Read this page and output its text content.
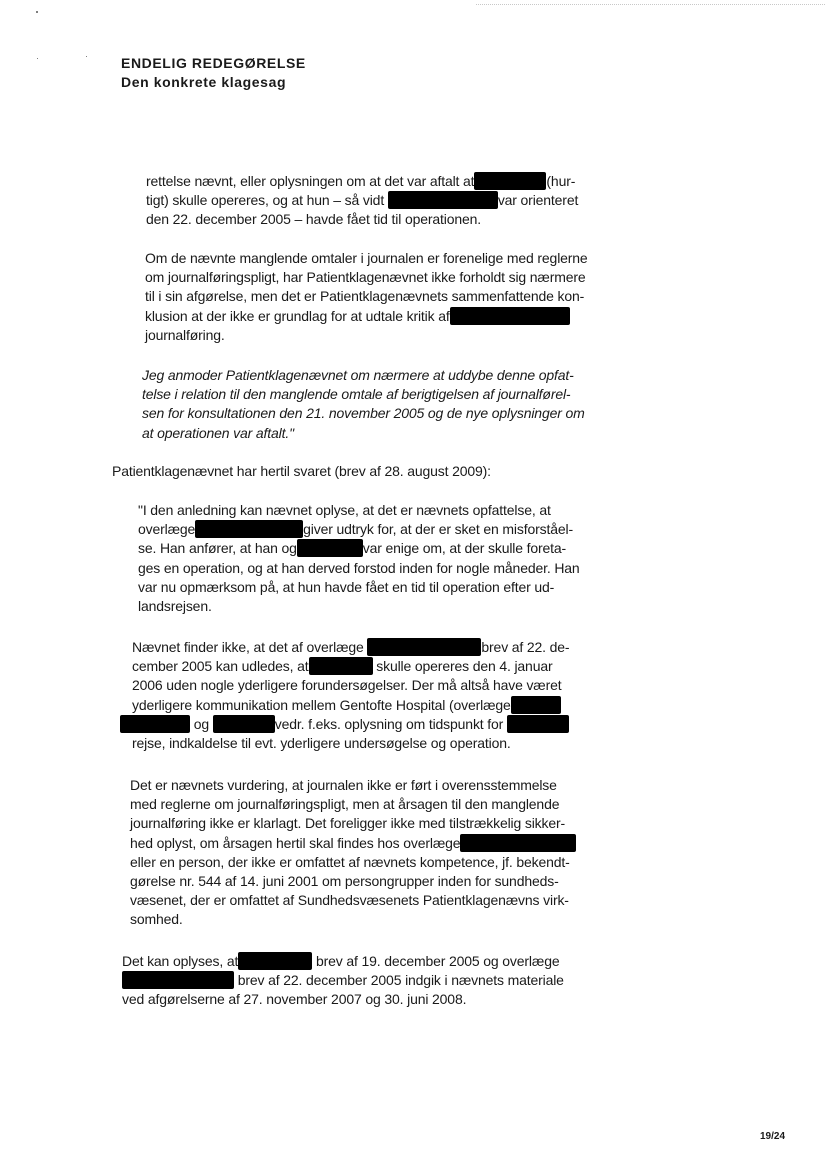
ENDELIG REDEGØRELSE
Den konkrete klagesag
rettelse nævnt, eller oplysningen om at det var aftalt at	(hur-
tigt) skulle opereres, og at hun – så vidt	var orienteret
den 22. december 2005 – havde fået tid til operationen.
Om de nævnte manglende omtaler i journalen er forenelige med reglerne
om journalføringspligt, har Patientklagenævnet ikke forholdt sig nærmere
til i sin afgørelse, men det er Patientklagenævnets sammenfattende kon-
klusion at der ikke er grundlag for at udtale kritik af
journalføring.
Jeg anmoder Patientklagenævnet om nærmere at uddybe denne opfat-
telse i relation til den manglende omtale af berigtigelsen af journalførel-
sen for konsultationen den 21. november 2005 og de nye oplysninger om
at operationen var aftalt."
Patientklagenævnet har hertil svaret (brev af 28. august 2009):
"I den anledning kan nævnet oplyse, at det er nævnets opfattelse, at
overlæge	giver udtryk for, at der er sket en misforståel-
se. Han anfører, at han og	var enige om, at der skulle foreta-
ges en operation, og at han derved forstod inden for nogle måneder. Han
var nu opmærksom på, at hun havde fået en tid til operation efter ud-
landsrejsen.
Nævnet finder ikke, at det af overlæge	brev af 22. de-
cember 2005 kan udledes, at	skulle opereres den 4. januar
2006 uden nogle yderligere forundersøgelser. Der må altså have været
yderligere kommunikation mellem Gentofte Hospital (overlæge
og	vedr. f.eks. oplysning om tidspunkt for
rejse, indkaldelse til evt. yderligere undersøgelse og operation.
Det er nævnets vurdering, at journalen ikke er ført i overensstemmelse
med reglerne om journalføringspligt, men at årsagen til den manglende
journalføring ikke er klarlagt. Det foreligger ikke med tilstrækkelig sikker-
hed oplyst, om årsagen hertil skal findes hos overlæge
eller en person, der ikke er omfattet af nævnets kompetence, jf. bekendt-
gørelse nr. 544 af 14. juni 2001 om persongrupper inden for sundheds-
væsenet, der er omfattet af Sundhedsvæsenets Patientklagenævns virk-
somhed.
Det kan oplyses, at	brev af 19. december 2005 og overlæge
brev af 22. december 2005 indgik i nævnets materiale
ved afgørelserne af 27. november 2007 og 30. juni 2008.
19/24
